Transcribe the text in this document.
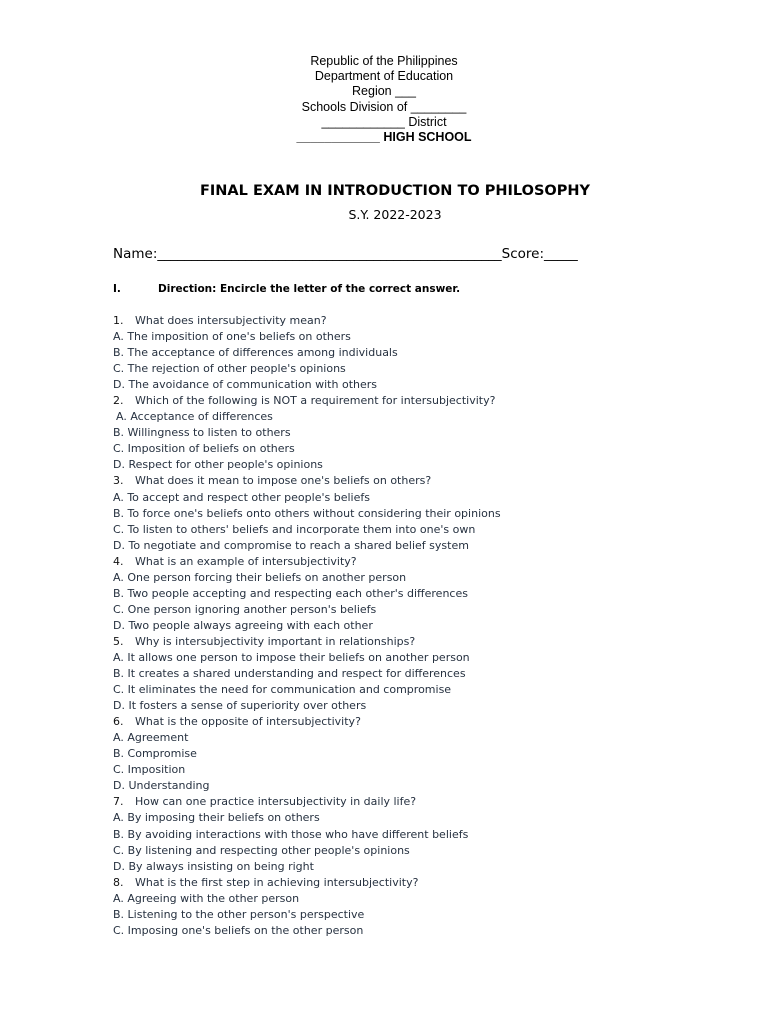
Republic of the Philippines
Department of Education
Region ___
Schools Division of ________
____________ District
____________ HIGH SCHOOL
FINAL EXAM IN INTRODUCTION TO PHILOSOPHY
S.Y. 2022-2023
Name:___________________________________________________Score:_____
I.	Direction: Encircle the letter of the correct answer.
1. What does intersubjectivity mean?
A. The imposition of one's beliefs on others
B. The acceptance of differences among individuals
C. The rejection of other people's opinions
D. The avoidance of communication with others
2. Which of the following is NOT a requirement for intersubjectivity?
A. Acceptance of differences
B. Willingness to listen to others
C. Imposition of beliefs on others
D. Respect for other people's opinions
3. What does it mean to impose one's beliefs on others?
A. To accept and respect other people's beliefs
B. To force one's beliefs onto others without considering their opinions
C. To listen to others' beliefs and incorporate them into one's own
D. To negotiate and compromise to reach a shared belief system
4. What is an example of intersubjectivity?
A. One person forcing their beliefs on another person
B. Two people accepting and respecting each other's differences
C. One person ignoring another person's beliefs
D. Two people always agreeing with each other
5. Why is intersubjectivity important in relationships?
A. It allows one person to impose their beliefs on another person
B. It creates a shared understanding and respect for differences
C. It eliminates the need for communication and compromise
D. It fosters a sense of superiority over others
6. What is the opposite of intersubjectivity?
A. Agreement
B. Compromise
C. Imposition
D. Understanding
7. How can one practice intersubjectivity in daily life?
A. By imposing their beliefs on others
B. By avoiding interactions with those who have different beliefs
C. By listening and respecting other people's opinions
D. By always insisting on being right
8. What is the first step in achieving intersubjectivity?
A. Agreeing with the other person
B. Listening to the other person's perspective
C. Imposing one's beliefs on the other person
